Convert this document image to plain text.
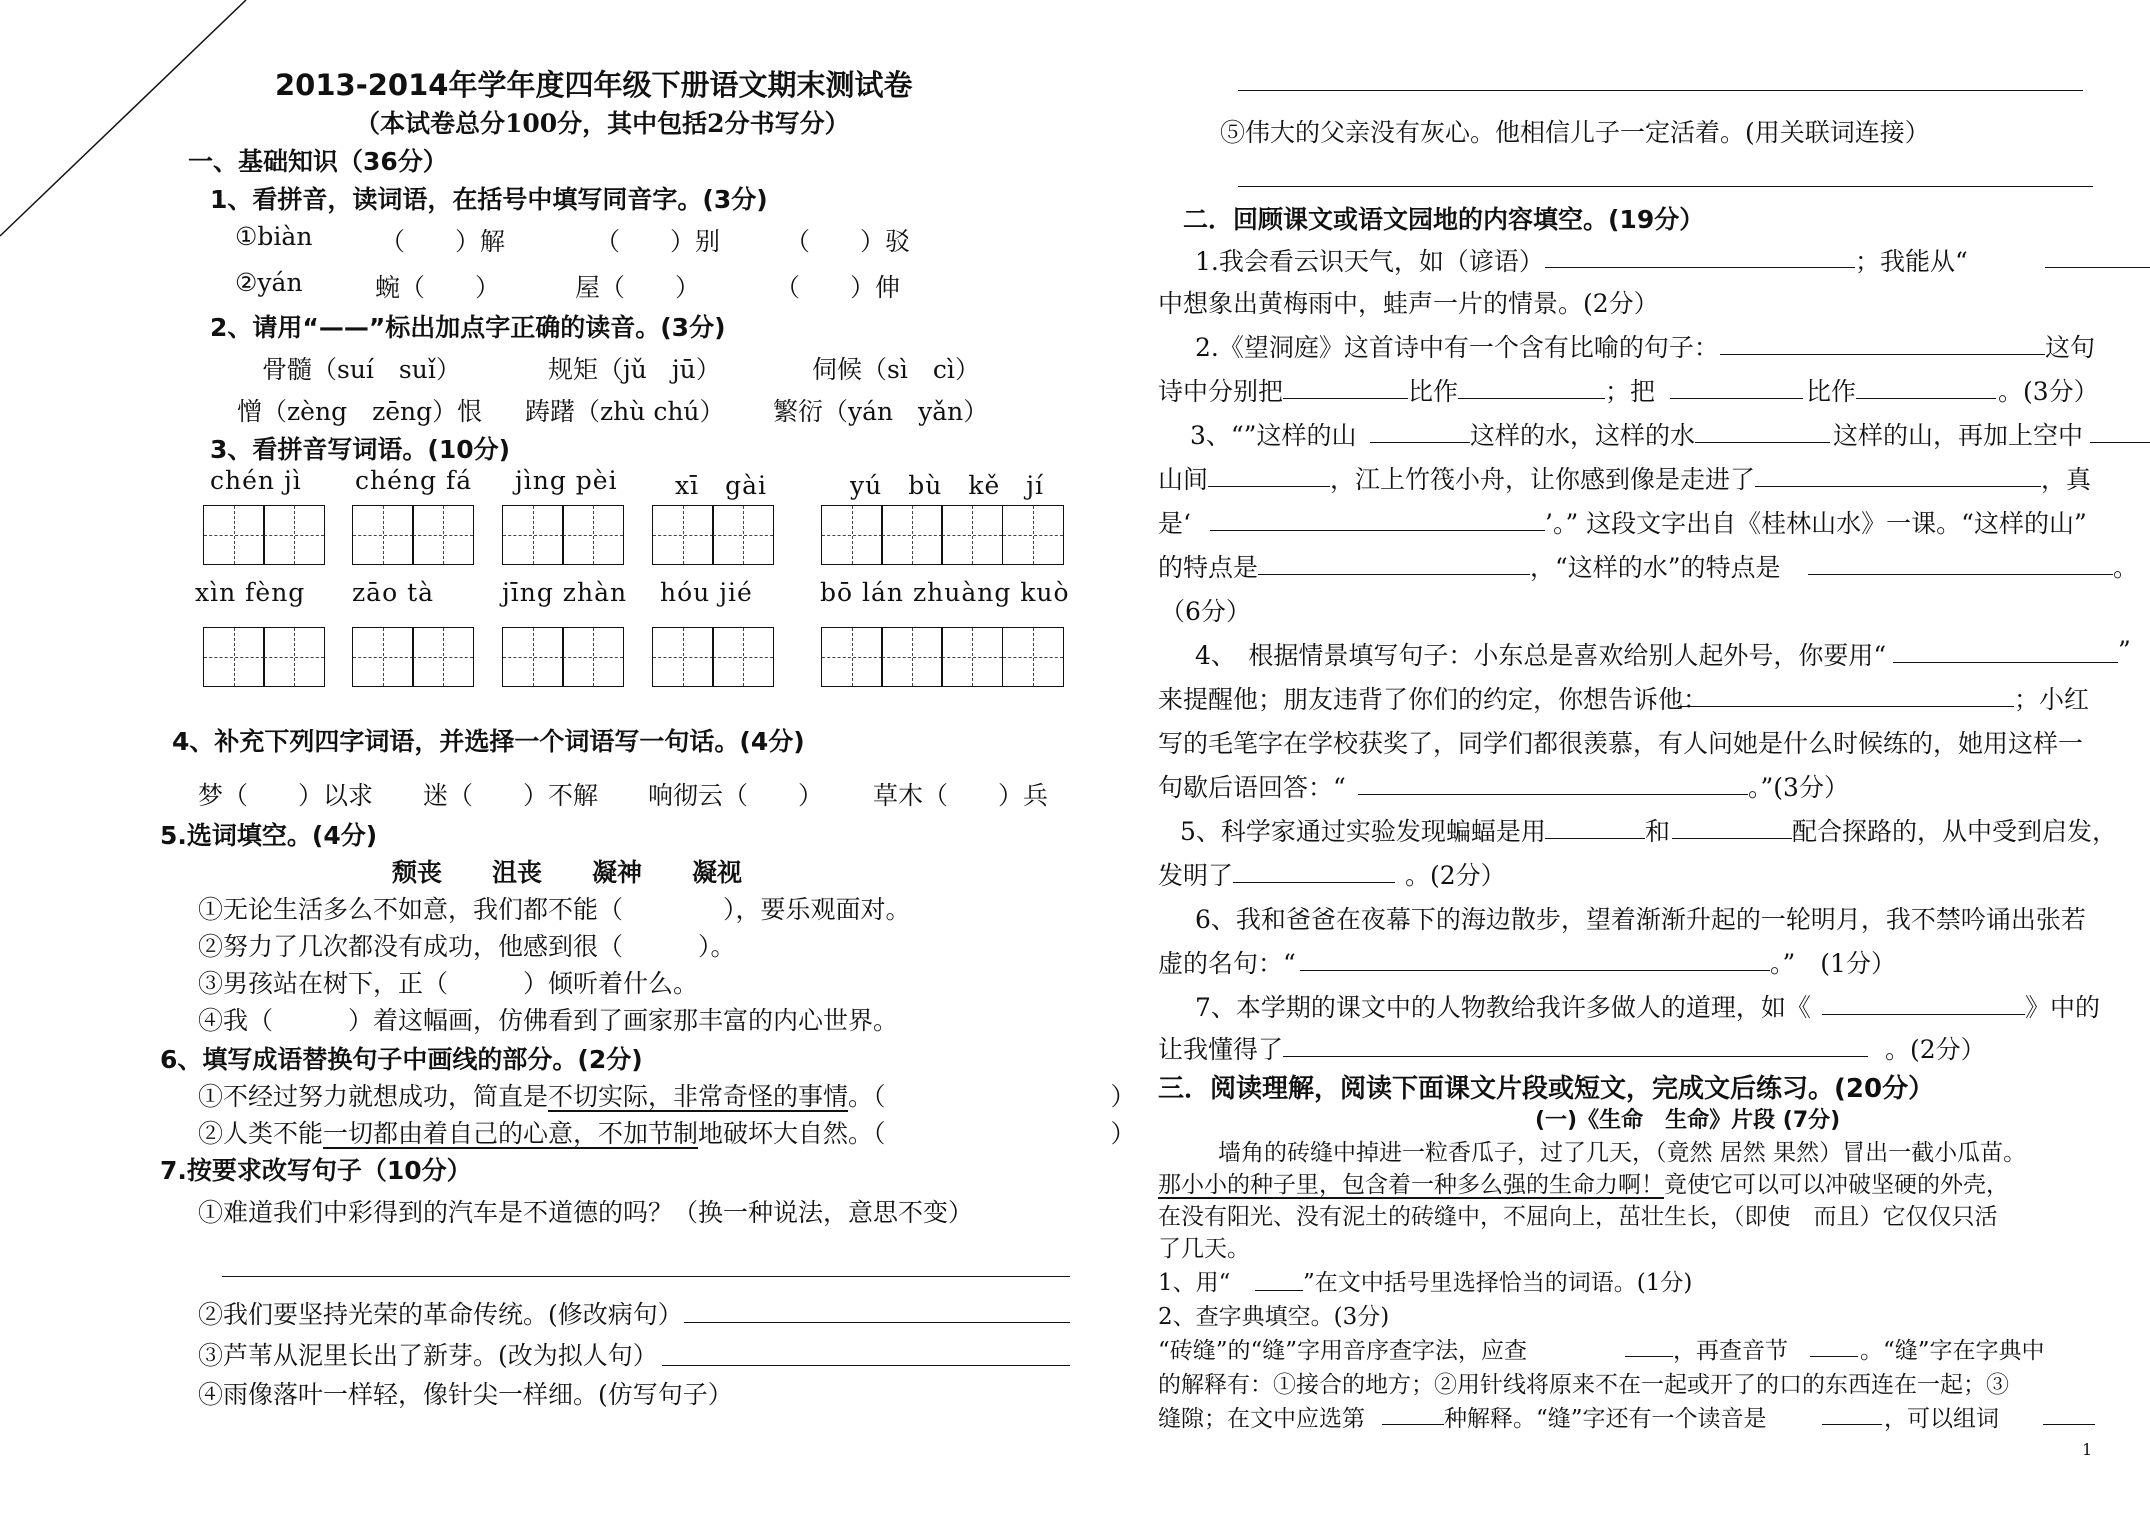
2013-2014年学年度四年级下册语文期末测试卷
（本试卷总分100分，其中包括2分书写分）
一、基础知识（36分）
1、看拼音，读词语，在括号中填写同音字。(3分)
①biàn	（　　）解	（　　）别	（　　）驳
②yán	蜿（　　）	屋（　　）	（　　）伸
2、请用“——”标出加点字正确的读音。(3分)
骨髓（suí　suǐ）	规矩（jǔ　jū）	伺候（sì　cì）
憎（zèng　zēng）恨 踌躇（zhù chú） 繁衍（yán　yǎn）
3、看拼音写词语。(10分)
chén jì chéng fá jìng pèi xī　gài	yú　bù　kě　jí
xìn fèng zāo tà	jīng zhàn hóu jié	bō lán zhuàng kuò
4、补充下列四字词语，并选择一个词语写一句话。(4分)
梦（　　）以求 迷（　　）不解 响彻云（　　） 草木（　　）兵
5.选词填空。(4分)
颓丧 沮丧 凝神 凝视
①无论生活多么不如意，我们都不能（　　　　），要乐观面对。
②努力了几次都没有成功，他感到很（　　　）。
③男孩站在树下，正（　　　）倾听着什么。
④我（　　　）着这幅画，仿佛看到了画家那丰富的内心世界。
6、填写成语替换句子中画线的部分。(2分)
①不经过努力就想成功，简直是不切实际，非常奇怪的事情。（　　　　　　　　　）
②人类不能一切都由着自己的心意，不加节制地破坏大自然。（　　　　　　　　　）
7.按要求改写句子（10分）
①难道我们中彩得到的汽车是不道德的吗？（换一种说法，意思不变）
②我们要坚持光荣的革命传统。(修改病句）
③芦苇从泥里长出了新芽。(改为拟人句）
④雨像落叶一样轻，像针尖一样细。(仿写句子）
⑤伟大的父亲没有灰心。他相信儿子一定活着。(用关联词连接）
二．回顾课文或语文园地的内容填空。(19分）
1.我会看云识天气，如（谚语）	；我能从“
中想象出黄梅雨中，蛙声一片的情景。(2分）
2.《望洞庭》这首诗中有一个含有比喻的句子：	这句
诗中分别把	比作	；把	比作	。(3分）
3、“”这样的山	这样的水，这样的水	这样的山，再加上空中
山间	，江上竹筏小舟，让你感到像是走进了	，真
是‘	’。” 这段文字出自《桂林山水》一课。“这样的山”
的特点是	，“这样的水”的特点是	。
（6分）
4、　根据情景填写句子：小东总是喜欢给别人起外号，你要用“	”
来提醒他；朋友违背了你们的约定，你想告诉他：	；小红
写的毛笔字在学校获奖了，同学们都很羡慕，有人问她是什么时候练的，她用这样一
句歇后语回答：“	。”(3分）
5、科学家通过实验发现蝙蝠是用	和	配合探路的，从中受到启发，
发明了	。(2分）
6、我和爸爸在夜幕下的海边散步，望着渐渐升起的一轮明月，我不禁吟诵出张若
虚的名句：“	。”　(1分）
7、本学期的课文中的人物教给我许多做人的道理，如《	》中的
让我懂得了	。(2分）
三．阅读理解，阅读下面课文片段或短文，完成文后练习。(20分）
(一)《生命　生命》片段 (7分)
墙角的砖缝中掉进一粒香瓜子，过了几天，（竟然 居然 果然）冒出一截小瓜苗。
那小小的种子里，包含着一种多么强的生命力啊！竟使它可以可以冲破坚硬的外壳，
在没有阳光、没有泥土的砖缝中，不屈向上，茁壮生长，（即使　而且）它仅仅只活
了几天。
1、用“	”在文中括号里选择恰当的词语。(1分)
2、查字典填空。(3分)
“砖缝”的“缝”字用音序查字法，应查	，再查音节	。“缝”字在字典中
的解释有：①接合的地方；②用针线将原来不在一起或开了的口的东西连在一起；③
缝隙；在文中应选第	种解释。“缝”字还有一个读音是	，可以组词
1
